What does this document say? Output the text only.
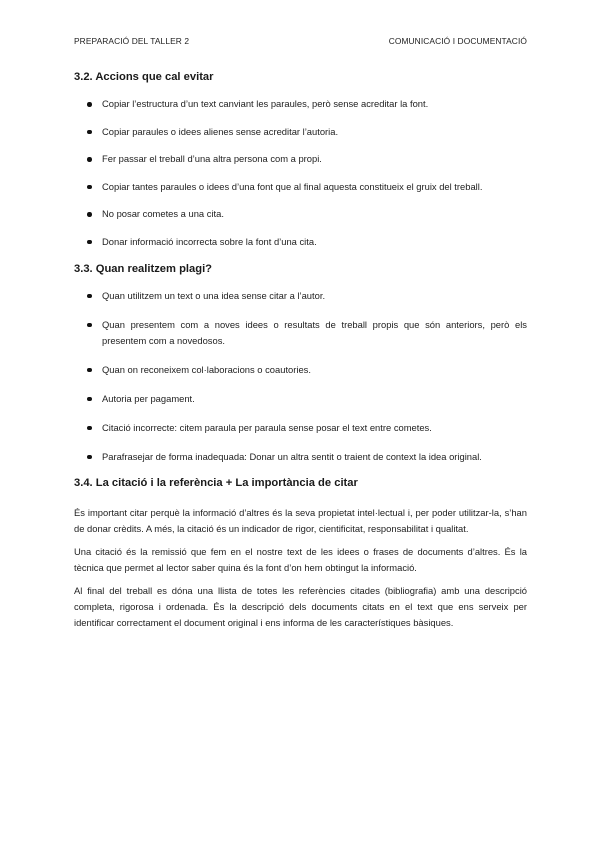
PREPARACIÓ DEL TALLER 2	COMUNICACIÓ I DOCUMENTACIÓ
3.2. Accions que cal evitar
Copiar l’estructura d’un text canviant les paraules, però sense acreditar la font.
Copiar paraules o idees alienes sense acreditar l’autoria.
Fer passar el treball d’una altra persona com a propi.
Copiar tantes paraules o idees d’una font que al final aquesta constitueix el gruix del treball.
No posar cometes a una cita.
Donar informació incorrecta sobre la font d’una cita.
3.3. Quan realitzem plagi?
Quan utilitzem un text o una idea sense citar a l’autor.
Quan presentem com a noves idees o resultats de treball propis que són anteriors, però els presentem com a novedosos.
Quan on reconeixem col·laboracions o coautories.
Autoria per pagament.
Citació incorrecte: citem paraula per paraula sense posar el text entre cometes.
Parafrasejar de forma inadequada: Donar un altra sentit o traient de context la idea original.
3.4. La citació i la referència + La importància de citar

És important citar perquè la informació d’altres és la seva propietat intel·lectual i, per poder utilitzar-la, s’han de donar crèdits. A més, la citació és un indicador de rigor, cientificitat, responsabilitat i qualitat.

Una citació és la remissió que fem en el nostre text de les idees o frases de documents d’altres. És la tècnica que permet al lector saber quina és la font d’on hem obtingut la informació.

Al final del treball es dóna una llista de totes les referències citades (bibliografia) amb una descripció completa, rigorosa i ordenada. És la descripció dels documents citats en el text que ens serveix per identificar correctament el document original i ens informa de les característiques bàsiques.
